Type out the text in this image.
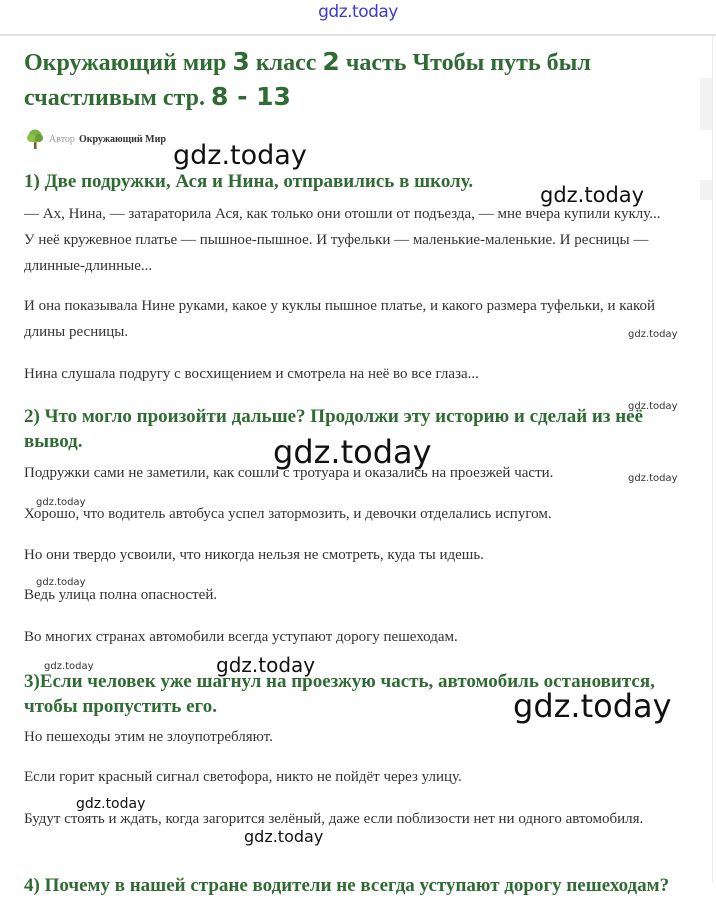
gdz.today
Окружающий мир 3 класс 2 часть Чтобы путь был счастливым стр. 8 - 13
Автор Окружающий Мир
1) Две подружки, Ася и Нина, отправились в школу.

— Ах, Нина, — затараторила Ася, как только они отошли от подъезда, — мне вчера купили куклу... У неё кружевное платье — пышное-пышное. И туфельки — маленькие-маленькие. И ресницы — длинные-длинные...

И она показывала Нине руками, какое у куклы пышное платье, и какого размера туфельки, и какой длины ресницы.

Нина слушала подругу с восхищением и смотрела на неё во все глаза...

2) Что могло произойти дальше? Продолжи эту историю и сделай из неё вывод.

Подружки сами не заметили, как сошли с тротуара и оказались на проезжей части.

Хорошо, что водитель автобуса успел затормозить, и девочки отделались испугом.

Но они твердо усвоили, что никогда нельзя не смотреть, куда ты идешь.

Ведь улица полна опасностей.

Во многих странах автомобили всегда уступают дорогу пешеходам.

3)Если человек уже шагнул на проезжую часть, автомобиль остановится, чтобы пропустить его.

Но пешеходы этим не злоупотребляют.

Если горит красный сигнал светофора, никто не пойдёт через улицу.

Будут стоять и ждать, когда загорится зелёный, даже если поблизости нет ни одного автомобиля.

4) Почему в нашей стране водители не всегда уступают дорогу пешеходам?
gdz.today
gdz.today
gdz.today
gdz.today
gdz.today
gdz.today
gdz.today
gdz.today
gdz.today	gdz.today
gdz.today
gdz.today
gdz.today
